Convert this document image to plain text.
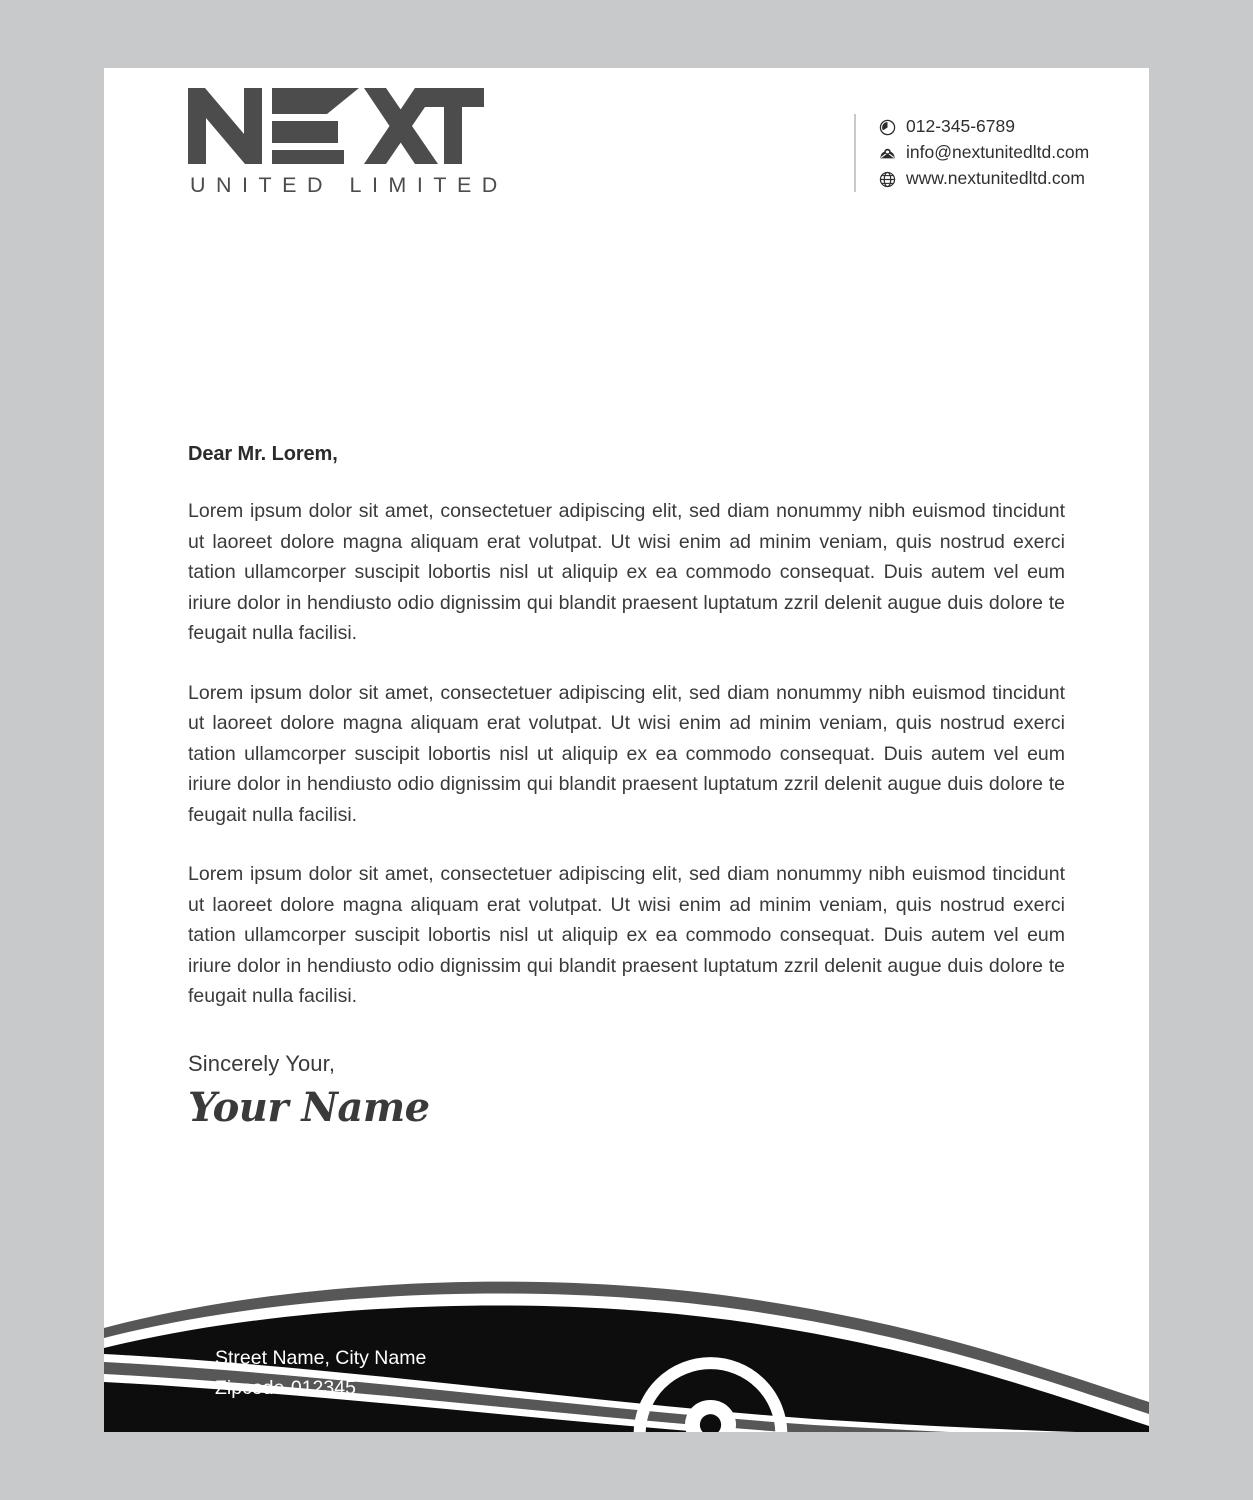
UNITED LIMITED
012-345-6789
info@nextunitedltd.com
www.nextunitedltd.com
Dear Mr. Lorem,

Lorem ipsum dolor sit amet, consectetuer adipiscing elit, sed diam nonummy nibh euismod tincidunt ut laoreet dolore magna aliquam erat volutpat. Ut wisi enim ad minim veniam, quis nostrud exerci tation ullamcorper suscipit lobortis nisl ut aliquip ex ea commodo consequat. Duis autem vel eum iriure dolor in hendiusto odio dignissim qui blandit praesent luptatum zzril delenit augue duis dolore te feugait nulla facilisi.

Lorem ipsum dolor sit amet, consectetuer adipiscing elit, sed diam nonummy nibh euismod tincidunt ut laoreet dolore magna aliquam erat volutpat. Ut wisi enim ad minim veniam, quis nostrud exerci tation ullamcorper suscipit lobortis nisl ut aliquip ex ea commodo consequat. Duis autem vel eum iriure dolor in hendiusto odio dignissim qui blandit praesent luptatum zzril delenit augue duis dolore te feugait nulla facilisi.

Lorem ipsum dolor sit amet, consectetuer adipiscing elit, sed diam nonummy nibh euismod tincidunt ut laoreet dolore magna aliquam erat volutpat. Ut wisi enim ad minim veniam, quis nostrud exerci tation ullamcorper suscipit lobortis nisl ut aliquip ex ea commodo consequat. Duis autem vel eum iriure dolor in hendiusto odio dignissim qui blandit praesent luptatum zzril delenit augue duis dolore te feugait nulla facilisi.

Sincerely Your,
Your Name
Street Name, City Name
Zipcode-012345
